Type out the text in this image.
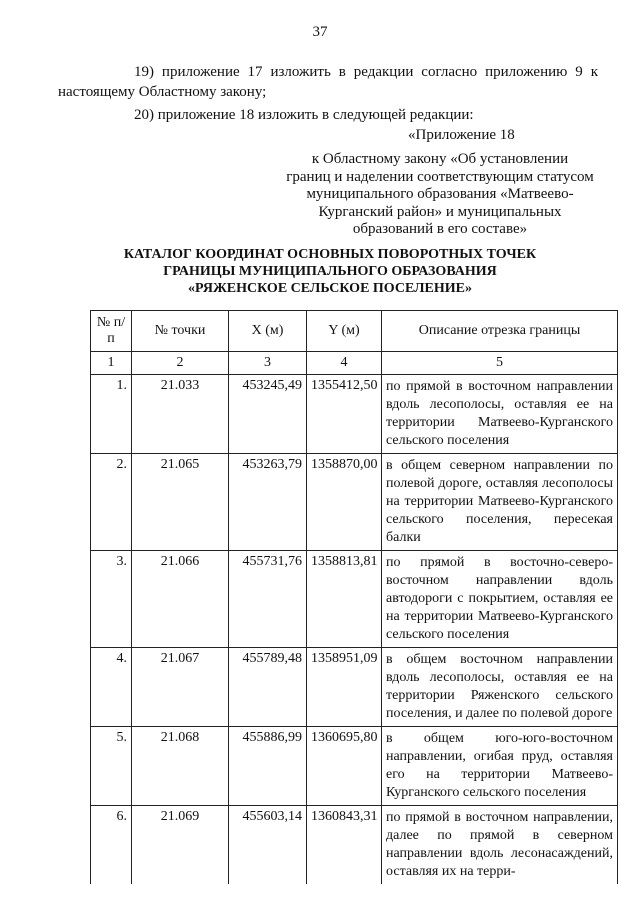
37
19) приложение 17 изложить в редакции согласно приложению 9 к настоящему Областному закону;
20) приложение 18 изложить в следующей редакции:
«Приложение 18
к Областному закону «Об установлении
границ и наделении соответствующим статусом
муниципального образования «Матвеево-
Курганский район» и муниципальных
образований в его составе»
КАТАЛОГ КООРДИНАТ ОСНОВНЫХ ПОВОРОТНЫХ ТОЧЕК
ГРАНИЦЫ МУНИЦИПАЛЬНОГО ОБРАЗОВАНИЯ
«РЯЖЕНСКОЕ СЕЛЬСКОЕ ПОСЕЛЕНИЕ»
№ п/п	№ точки	X (м)	Y (м)	Описание отрезка границы
1	2	3	4	5
1.	21.033	453245,49	1355412,50	по прямой в восточном направлении вдоль лесополосы, оставляя ее на территории Матвеево-Курганского сельского поселения
2.	21.065	453263,79	1358870,00	в общем северном направлении по полевой дороге, оставляя лесополосы на территории Матвеево-Курганского сельского поселения, пересекая балки
3.	21.066	455731,76	1358813,81	по прямой в восточно-северо-восточном направлении вдоль автодороги с покрытием, оставляя ее на территории Матвеево-Курганского сельского поселения
4.	21.067	455789,48	1358951,09	в общем восточном направлении вдоль лесополосы, оставляя ее на территории Ряженского сельского поселения, и далее по полевой дороге
5.	21.068	455886,99	1360695,80	в общем юго-юго-восточном направлении, огибая пруд, оставляя его на территории Матвеево-Курганского сельского поселения
6.	21.069	455603,14	1360843,31	по прямой в восточном направлении, далее по прямой в северном направлении вдоль лесонасаждений, оставляя их на терри-
